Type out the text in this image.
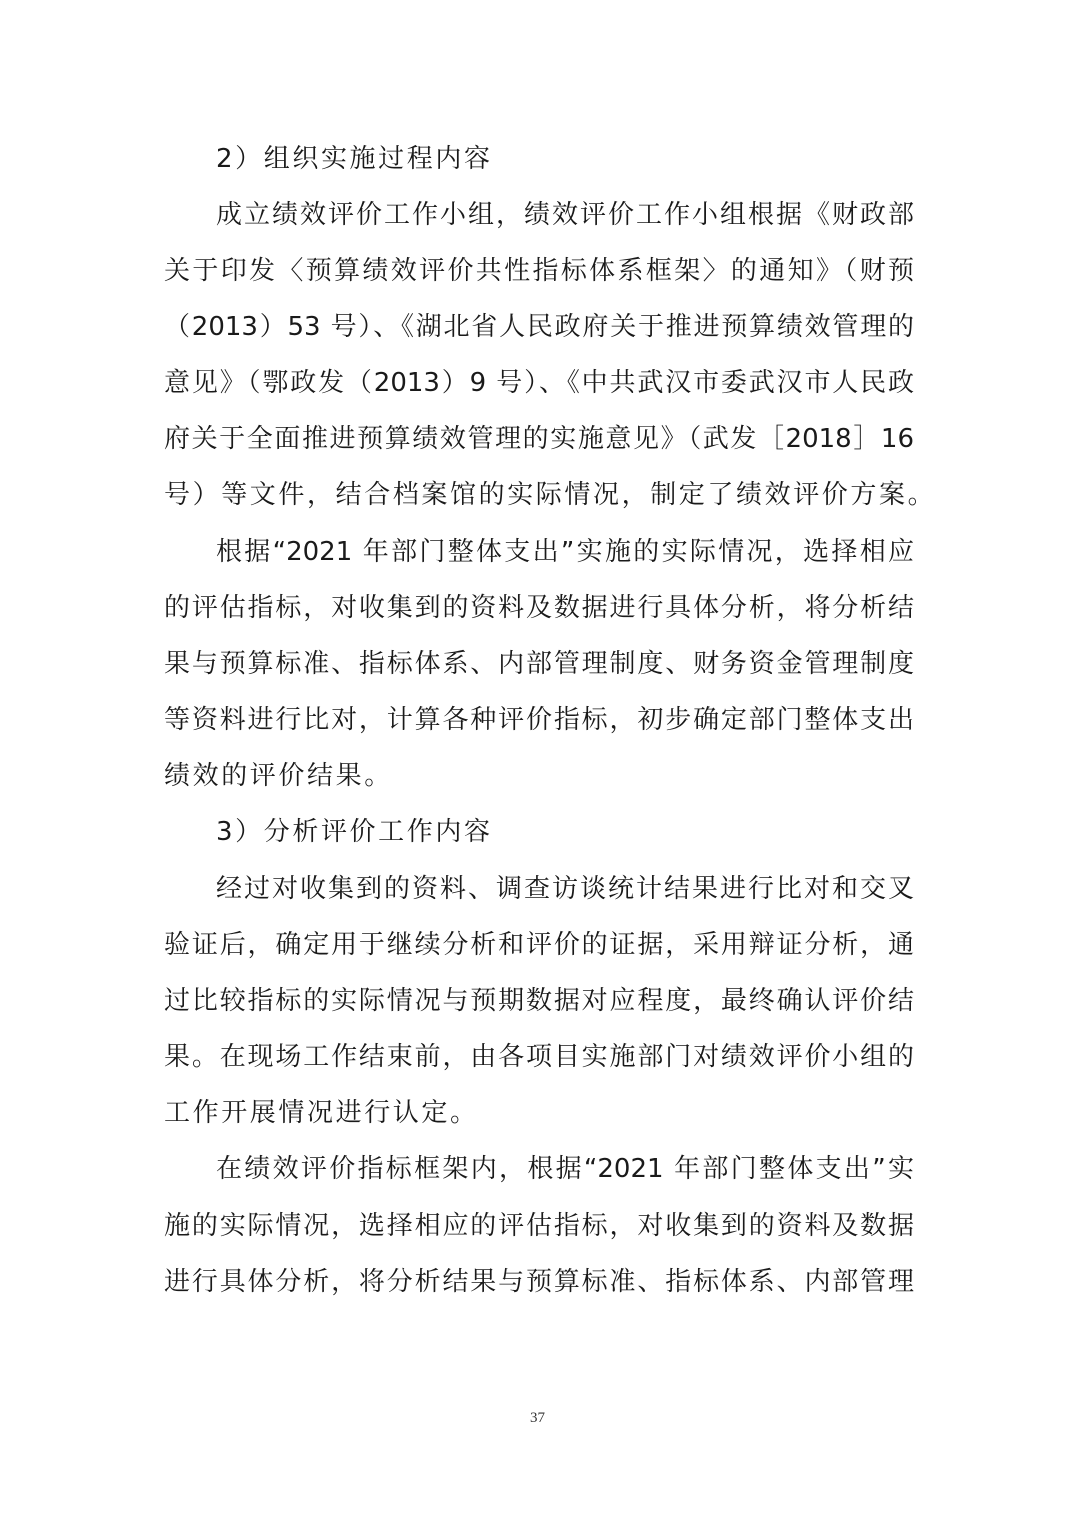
2）组织实施过程内容
成立绩效评价工作小组，绩效评价工作小组根据《财政部
关于印发〈预算绩效评价共性指标体系框架〉的通知》（财预
（2013）53 号）、《湖北省人民政府关于推进预算绩效管理的
意见》（鄂政发（2013）9 号）、《中共武汉市委武汉市人民政
府关于全面推进预算绩效管理的实施意见》（武发［2018］16
号）等文件，结合档案馆的实际情况，制定了绩效评价方案。
根据“2021 年部门整体支出”实施的实际情况，选择相应
的评估指标，对收集到的资料及数据进行具体分析，将分析结
果与预算标准、指标体系、内部管理制度、财务资金管理制度
等资料进行比对，计算各种评价指标，初步确定部门整体支出
绩效的评价结果。
3）分析评价工作内容
经过对收集到的资料、调查访谈统计结果进行比对和交叉
验证后，确定用于继续分析和评价的证据，采用辩证分析，通
过比较指标的实际情况与预期数据对应程度，最终确认评价结
果。在现场工作结束前，由各项目实施部门对绩效评价小组的
工作开展情况进行认定。
在绩效评价指标框架内，根据“2021 年部门整体支出”实
施的实际情况，选择相应的评估指标，对收集到的资料及数据
进行具体分析，将分析结果与预算标准、指标体系、内部管理
37
